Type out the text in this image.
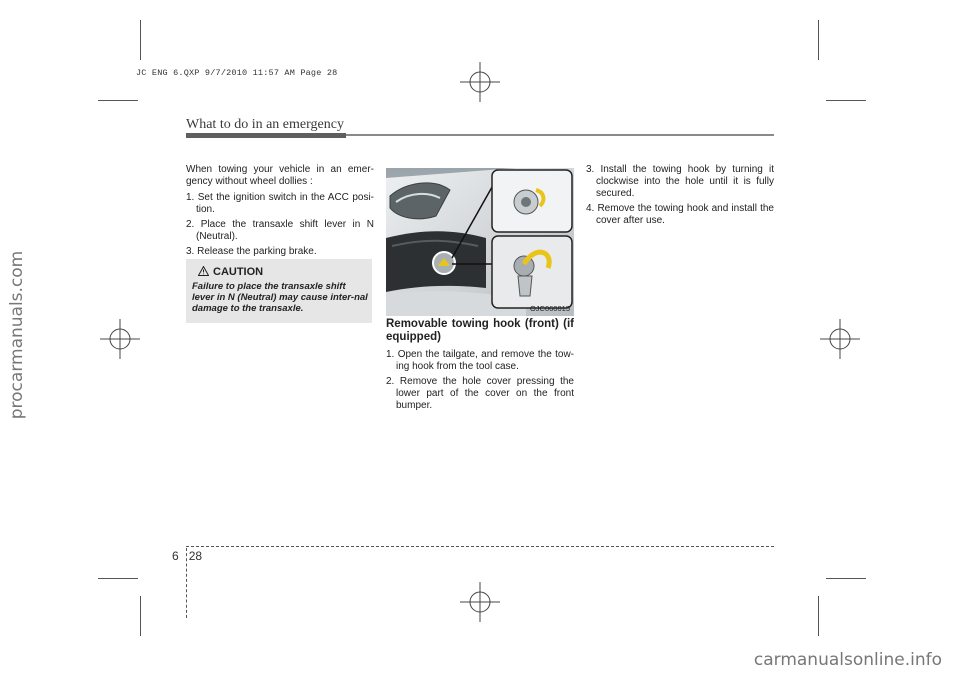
JC ENG 6.QXP 9/7/2010 11:57 AM Page 28
procarmanuals.com
carmanualsonline.info
What to do in an emergency

When towing your vehicle in an emer-gency without wheel dollies :

1. Set the ignition switch in the ACC posi-tion.
2. Place the transaxle shift lever in N (Neutral).
3. Release the parking brake.
CAUTION
Failure to place the transaxle shift lever in N (Neutral) may cause inter-nal damage to the transaxle.	OJC060015
Removable towing hook (front) (if equipped)
1. Open the tailgate, and remove the tow-ing hook from the tool case.
2. Remove the hole cover pressing the lower part of the cover on the front bumper.
3. Install the towing hook by turning it clockwise into the hole until it is fully secured.
4. Remove the towing hook and install the cover after use.
6 28
